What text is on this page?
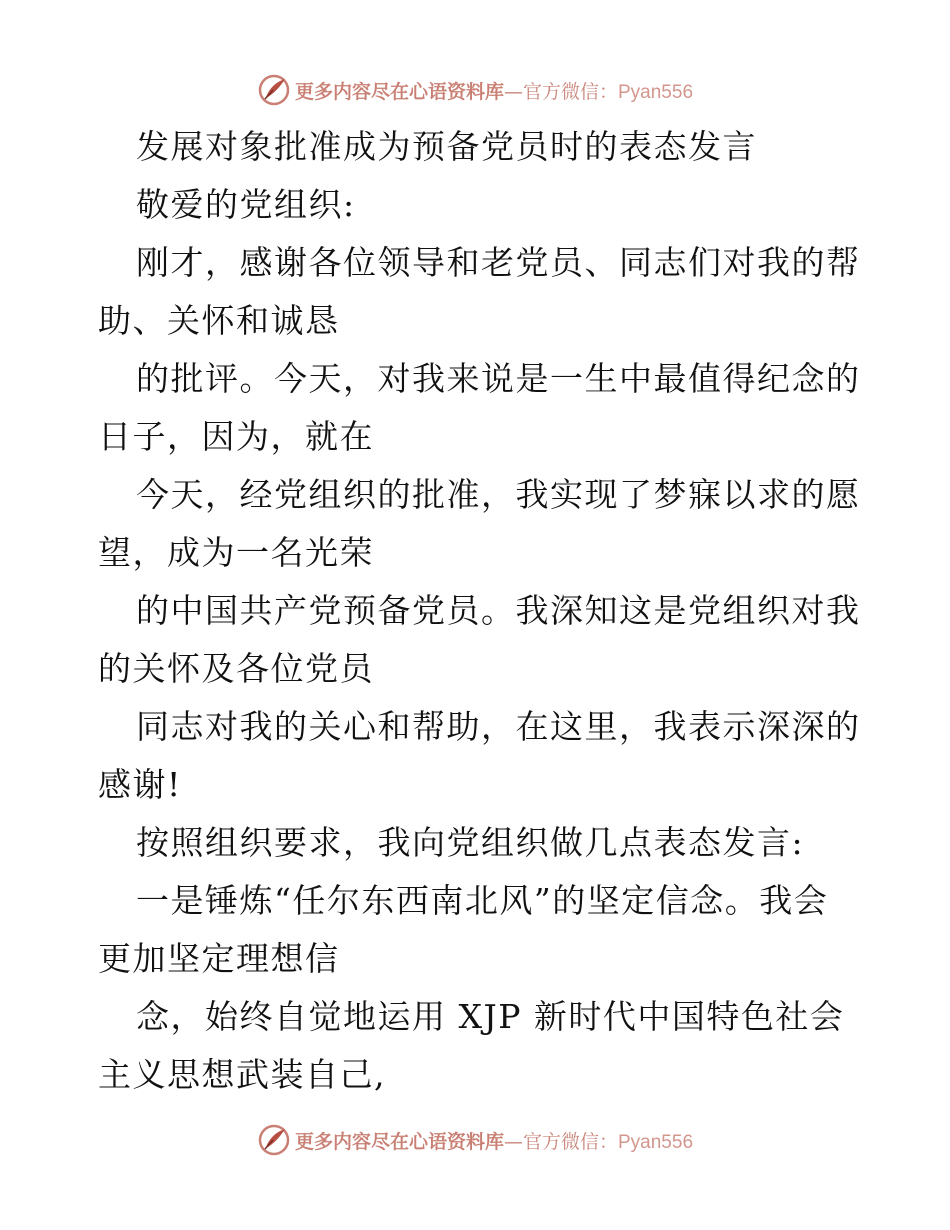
更多内容尽在心语资料库—官方微信：Pyan556
发展对象批准成为预备党员时的表态发言
敬爱的党组织:
刚才，感谢各位领导和老党员、同志们对我的帮
助、关怀和诚恳
的批评。今天，对我来说是一生中最值得纪念的
日子，因为，就在
今天，经党组织的批准，我实现了梦寐以求的愿
望，成为一名光荣
的中国共产党预备党员。我深知这是党组织对我
的关怀及各位党员
同志对我的关心和帮助，在这里，我表示深深的
感谢!
按照组织要求，我向党组织做几点表态发言:
一是锤炼“任尔东西南北风”的坚定信念。我会
更加坚定理想信
念，始终自觉地运用 XJP 新时代中国特色社会
主义思想武装自己,
更多内容尽在心语资料库—官方微信：Pyan556
